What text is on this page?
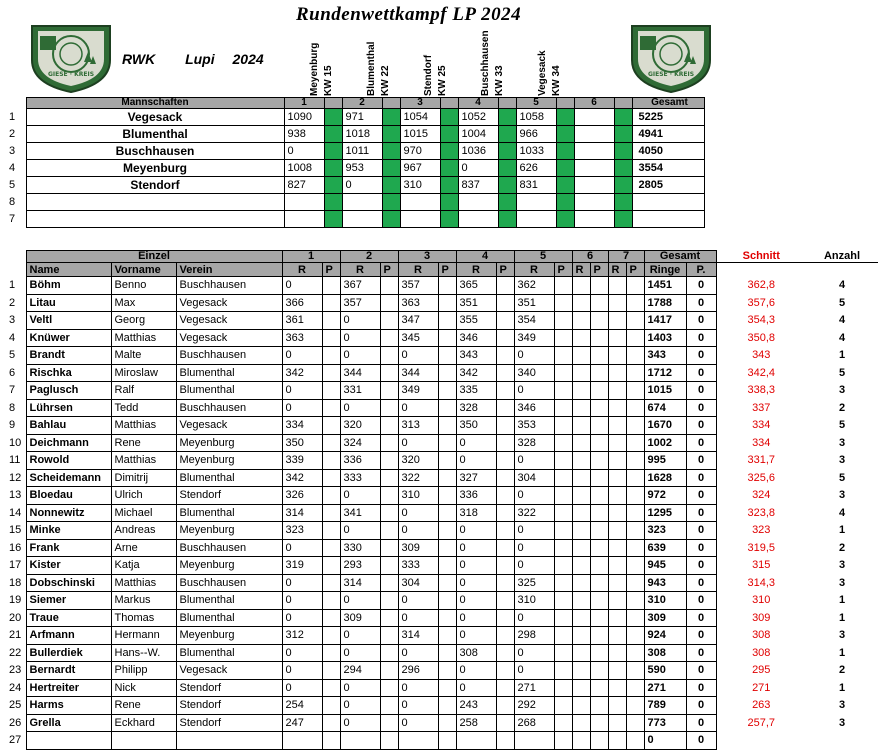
Rundenwettkampf LP 2024
GIESE · KREIS	GIESE · KREIS
RWK Lupi 2024	Meyenburg KW 15	Blumenthal KW 22	Stendorf KW 25	Buschhausen KW 33	Vegesack KW 34
	Mannschaften	1		2		3		4		5		6		Gesamt
1	Vegesack	1090		971		1054		1052		1058				5225
2	Blumenthal	938		1018		1015		1004		966				4941
3	Buschhausen	0		1011		970		1036		1033				4050
4	Meyenburg	1008		953		967		0		626				3554
5	Stendorf	827		0		310		837		831				2805
8														
7														
	Einzel			1		2		3		4		5		6		7		Gesamt		Schnitt	Anzahl
	Name	Vorname	Verein	R	P	R	P	R	P	R	P	R	P	R	P	R	P	Ringe	P.		
1	Böhm	Benno	Buschhausen	0		367		357		365		362						1451	0	362,8	4
2	Litau	Max	Vegesack	366		357		363		351		351						1788	0	357,6	5
3	Veltl	Georg	Vegesack	361		0		347		355		354						1417	0	354,3	4
4	Knüwer	Matthias	Vegesack	363		0		345		346		349						1403	0	350,8	4
5	Brandt	Malte	Buschhausen	0		0		0		343		0						343	0	343	1
6	Rischka	Miroslaw	Blumenthal	342		344		344		342		340						1712	0	342,4	5
7	Paglusch	Ralf	Blumenthal	0		331		349		335		0						1015	0	338,3	3
8	Lührsen	Tedd	Buschhausen	0		0		0		328		346						674	0	337	2
9	Bahlau	Matthias	Vegesack	334		320		313		350		353						1670	0	334	5
10	Deichmann	Rene	Meyenburg	350		324		0		0		328						1002	0	334	3
11	Rowold	Matthias	Meyenburg	339		336		320		0		0						995	0	331,7	3
12	Scheidemann	Dimitrij	Blumenthal	342		333		322		327		304						1628	0	325,6	5
13	Bloedau	Ulrich	Stendorf	326		0		310		336		0						972	0	324	3
14	Nonnewitz	Michael	Blumenthal	314		341		0		318		322						1295	0	323,8	4
15	Minke	Andreas	Meyenburg	323		0		0		0		0						323	0	323	1
16	Frank	Arne	Buschhausen	0		330		309		0		0						639	0	319,5	2
17	Kister	Katja	Meyenburg	319		293		333		0		0						945	0	315	3
18	Dobschinski	Matthias	Buschhausen	0		314		304		0		325						943	0	314,3	3
19	Siemer	Markus	Blumenthal	0		0		0		0		310						310	0	310	1
20	Traue	Thomas	Blumenthal	0		309		0		0		0						309	0	309	1
21	Arfmann	Hermann	Meyenburg	312		0		314		0		298						924	0	308	3
22	Bullerdiek	Hans--W.	Blumenthal	0		0		0		308		0						308	0	308	1
23	Bernardt	Philipp	Vegesack	0		294		296		0		0						590	0	295	2
24	Hertreiter	Nick	Stendorf	0		0		0		0		271						271	0	271	1
25	Harms	Rene	Stendorf	254		0		0		243		292						789	0	263	3
26	Grella	Eckhard	Stendorf	247		0		0		258		268						773	0	257,7	3
27																		0	0		
